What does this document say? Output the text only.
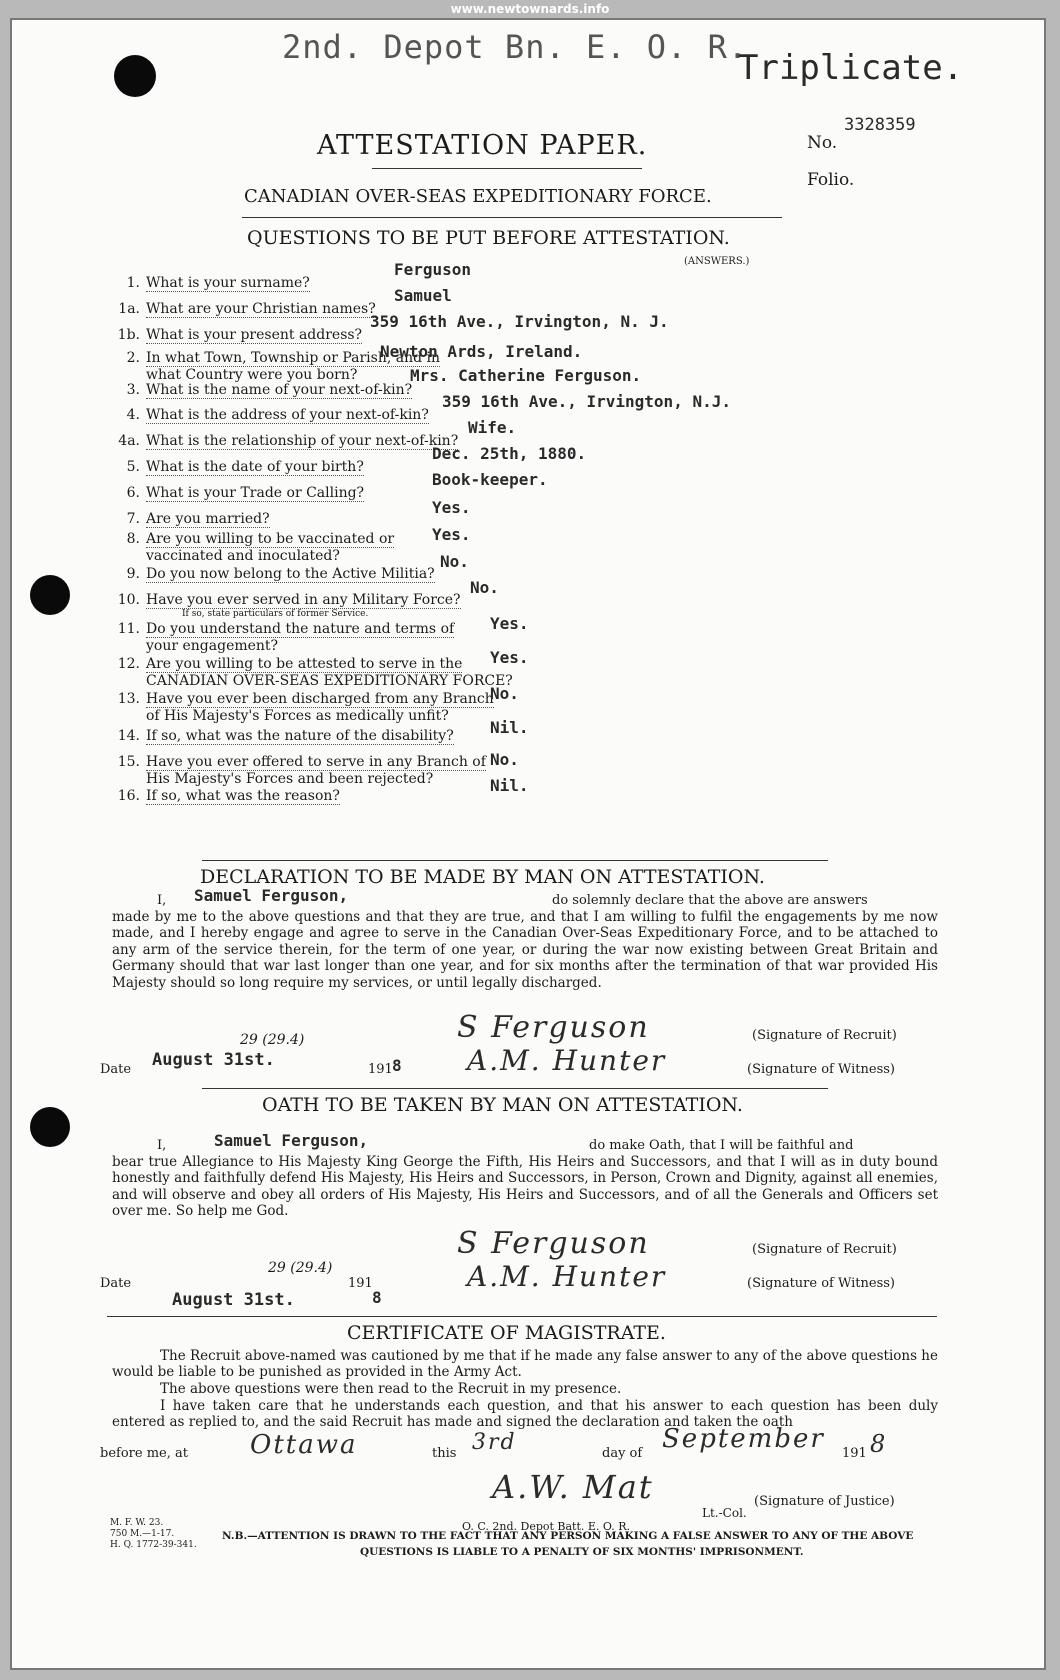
www.newtownards.info
2nd. Depot Bn. E. O. R.
Triplicate.
3328359
No.
Folio.
ATTESTATION PAPER.
CANADIAN OVER-SEAS EXPEDITIONARY FORCE.
QUESTIONS TO BE PUT BEFORE ATTESTATION.
(ANSWERS.)
1. What is your surname?
Ferguson
1a. What are your Christian names?
Samuel
1b. What is your present address?
359 16th Ave., Irvington, N. J.
2. In what Town, Township or Parish, and in
what Country were you born?
Newton Ards, Ireland.
3. What is the name of your next-of-kin?
Mrs. Catherine Ferguson.
4. What is the address of your next-of-kin?
359 16th Ave., Irvington, N.J.
4a. What is the relationship of your next-of-kin?
Wife.
5. What is the date of your birth?
Dec. 25th, 1880.
6. What is your Trade or Calling?
Book-keeper.
7. Are you married?
Yes.
8. Are you willing to be vaccinated or
vaccinated and inoculated?
Yes.
9. Do you now belong to the Active Militia?
No.
10. Have you ever served in any Military Force?
If so, state particulars of former Service.
No.
11. Do you understand the nature and terms of
your engagement?
Yes.
12. Are you willing to be attested to serve in the
CANADIAN OVER-SEAS EXPEDITIONARY FORCE?
Yes.
13. Have you ever been discharged from any Branch
of His Majesty's Forces as medically unfit?
No.
14. If so, what was the nature of the disability? Nil.
15. Have you ever offered to serve in any Branch of
His Majesty's Forces and been rejected?
No.
16. If so, what was the reason?
Nil.
DECLARATION TO BE MADE BY MAN ON ATTESTATION.
I, Samuel Ferguson,	do solemnly declare that the above are answers
made by me to the above questions and that they are true, and that I am willing to fulfil the engagements by me now made, and I hereby engage and agree to serve in the Canadian Over-Seas Expeditionary Force, and to be attached to any arm of the service therein, for the term of one year, or during the war now existing between Great Britain and Germany should that war last longer than one year, and for six months after the termination of that war provided His Majesty should so long require my services, or until legally discharged.
S Ferguson	(Signature of Recruit)
Date August 31st.
29 (29.4)
191 8 A.M. Hunter	(Signature of Witness)
OATH TO BE TAKEN BY MAN ON ATTESTATION.
I,	Samuel Ferguson,	do make Oath, that I will be faithful and
bear true Allegiance to His Majesty King George the Fifth, His Heirs and Successors, and that I will as in duty bound honestly and faithfully defend His Majesty, His Heirs and Successors, in Person, Crown and Dignity, against all enemies, and will observe and obey all orders of His Majesty, His Heirs and Successors, and of all the Generals and Officers set over me. So help me God.
S Ferguson	(Signature of Recruit)
Date
29 (29.4)
191
8
August 31st.
A.M. Hunter	(Signature of Witness)
CERTIFICATE OF MAGISTRATE.
The Recruit above-named was cautioned by me that if he made any false answer to any of the above questions he would be liable to be punished as provided in the Army Act.
The above questions were then read to the Recruit in my presence.
I have taken care that he understands each question, and that his answer to each question has been duly entered as replied to, and the said Recruit has made and signed the declaration and taken the oath
before me, at Ottawa	this 3rd	day of September 191 8
A.W. Mat	(Signature of Justice)
Lt.-Col.
O. C. 2nd. Depot Batt. E. O. R.
M. F. W. 23.
750 M.—1-17.
H. Q. 1772-39-341.
N.B.—ATTENTION IS DRAWN TO THE FACT THAT ANY PERSON MAKING A FALSE ANSWER TO ANY OF THE ABOVE
QUESTIONS IS LIABLE TO A PENALTY OF SIX MONTHS' IMPRISONMENT.
